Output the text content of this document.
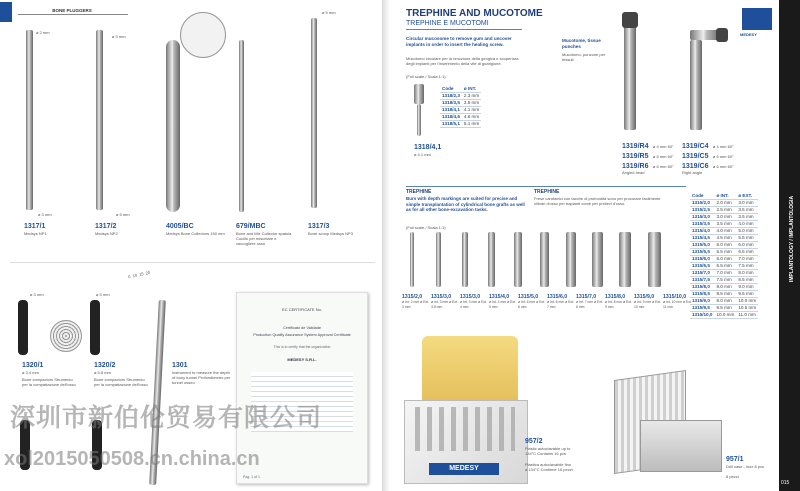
BONE PLUGGERS
ø 2 mm
ø 3 mm
ø 3 mm
ø 5 mm
ø 5 mm
1317/1
Medsys NP1
1317/2
Medsys NP2
4005/BC
Medsys Bone Collectors 150 mm
679/MBC
Bone and Mix Collector spatula Cucillo per miscelare e raccogliere osso
1317/3
Bone scoop Medsys NP3
ø 3 mm	ø 5 mm
1320/1
ø 3.4 mm
Bone compactors Strumento per la compattazione dell'osso
1320/2
ø 5.8 mm
Bone compactors Strumento per la compattazione dell'osso
0  10  15  20
1301
Instrument to measure the depth of bony tunnel Profondimetro per tunnel osseo
EC CERTIFICATE No.
Certificato de Validade
Production Quality Assurance System Approval Certificate
This is to certify that the organization
MEDESY S.R.L.
Pag. 1 of 1
TREPHINE AND MUCOTOME
TREPHINE E MUCOTOMI
Circular mucosome to remove gum and uncover implants in order to insert the healing screw.
Mucotomo circolare per la rimozione della gengiva e scopertura degli impianti per l'inserimento della vite di guarigione.
(Full scale / Scala 1:1)
Code	ø INT.
1318/2,3	2.3 mm
1318/3,5	3.5 mm
1318/4,1	4.1 mm
1318/4,6	4.6 mm
1318/5,1	5.1 mm
1318/4,1
ø 4,1 mm
Mucotome, tissue punches
Mucotomo, punzone per tessuti
1319/R4 ø 4 mm 60°
1319/R5 ø 5 mm 60°
1319/R6 ø 6 mm 60°
Angled head
1319/C4 ø 4 mm 60°
1319/C5 ø 5 mm 60°
1319/C6 ø 6 mm 60°
Right angle
MEDESY
TREPHINE
Burs with depth markings are suited for precise and simple transplantation of cylindrical bone grafts as well as for all other bone-excavation tasks.
TREPHINE
Frese carotatrici con tacche di profondità sono per procurare facilmente cilindri d'osso per trapianti come per prelievi d'osso.
(Full scale / Scala 1:1)
1315/2,0
ø Int. 2 mm ø Ext. 3 mm
1315/3,0
ø Int. 3 mm ø Ext. 3,5 mm
1315/3,0
ø Int. 3 mm ø Ext. 4 mm
1315/4,0
ø Int. 4 mm ø Ext. 5 mm
1315/5,0
ø Int. 5 mm ø Ext. 6 mm
1315/6,0
ø Int. 6 mm ø Ext. 7 mm
1315/7,0
ø Int. 7 mm ø Ext. 8 mm
1315/8,0
ø Int. 8 mm ø Ext. 9 mm
1315/9,0
ø Int. 9 mm ø Ext. 10 mm
1315/10,0
ø Int. 10 mm ø Ext. 11 mm
Code	ø INT.	ø EXT.
1315/2,0	2.0 mm	3.0 mm
1315/2,5	2.5 mm	3.5 mm
1315/3,0	3.0 mm	3.5 mm
1315/3,5	3.5 mm	4.0 mm
1315/4,0	4.0 mm	5.0 mm
1315/4,5	4.5 mm	5.5 mm
1315/5,0	5.0 mm	6.0 mm
1315/5,5	5.5 mm	6.5 mm
1315/6,0	6.0 mm	7.0 mm
1315/6,5	6.5 mm	7.5 mm
1315/7,0	7.0 mm	8.0 mm
1315/7,5	7.5 mm	8.5 mm
1315/8,0	8.0 mm	9.0 mm
1315/8,5	8.5 mm	9.5 mm
1315/9,0	9.0 mm	10.0 mm
1315/9,5	9.5 mm	10.5 mm
1315/10,0	10.0 mm	11.0 mm
MEDESY
957/2
Plastic autoclavable up to 134°C Contains 16 pcs
Plastica autoclavabile fino a 134°C Contiene 16 pezzi
957/1
Drill case - inox 8 pcs
8 pezzi
IMPLANTOLOGY / IMPLANTOLOGIA
015
深圳市新伯伦贸易有限公司
xol2015050508.cn.china.cn
